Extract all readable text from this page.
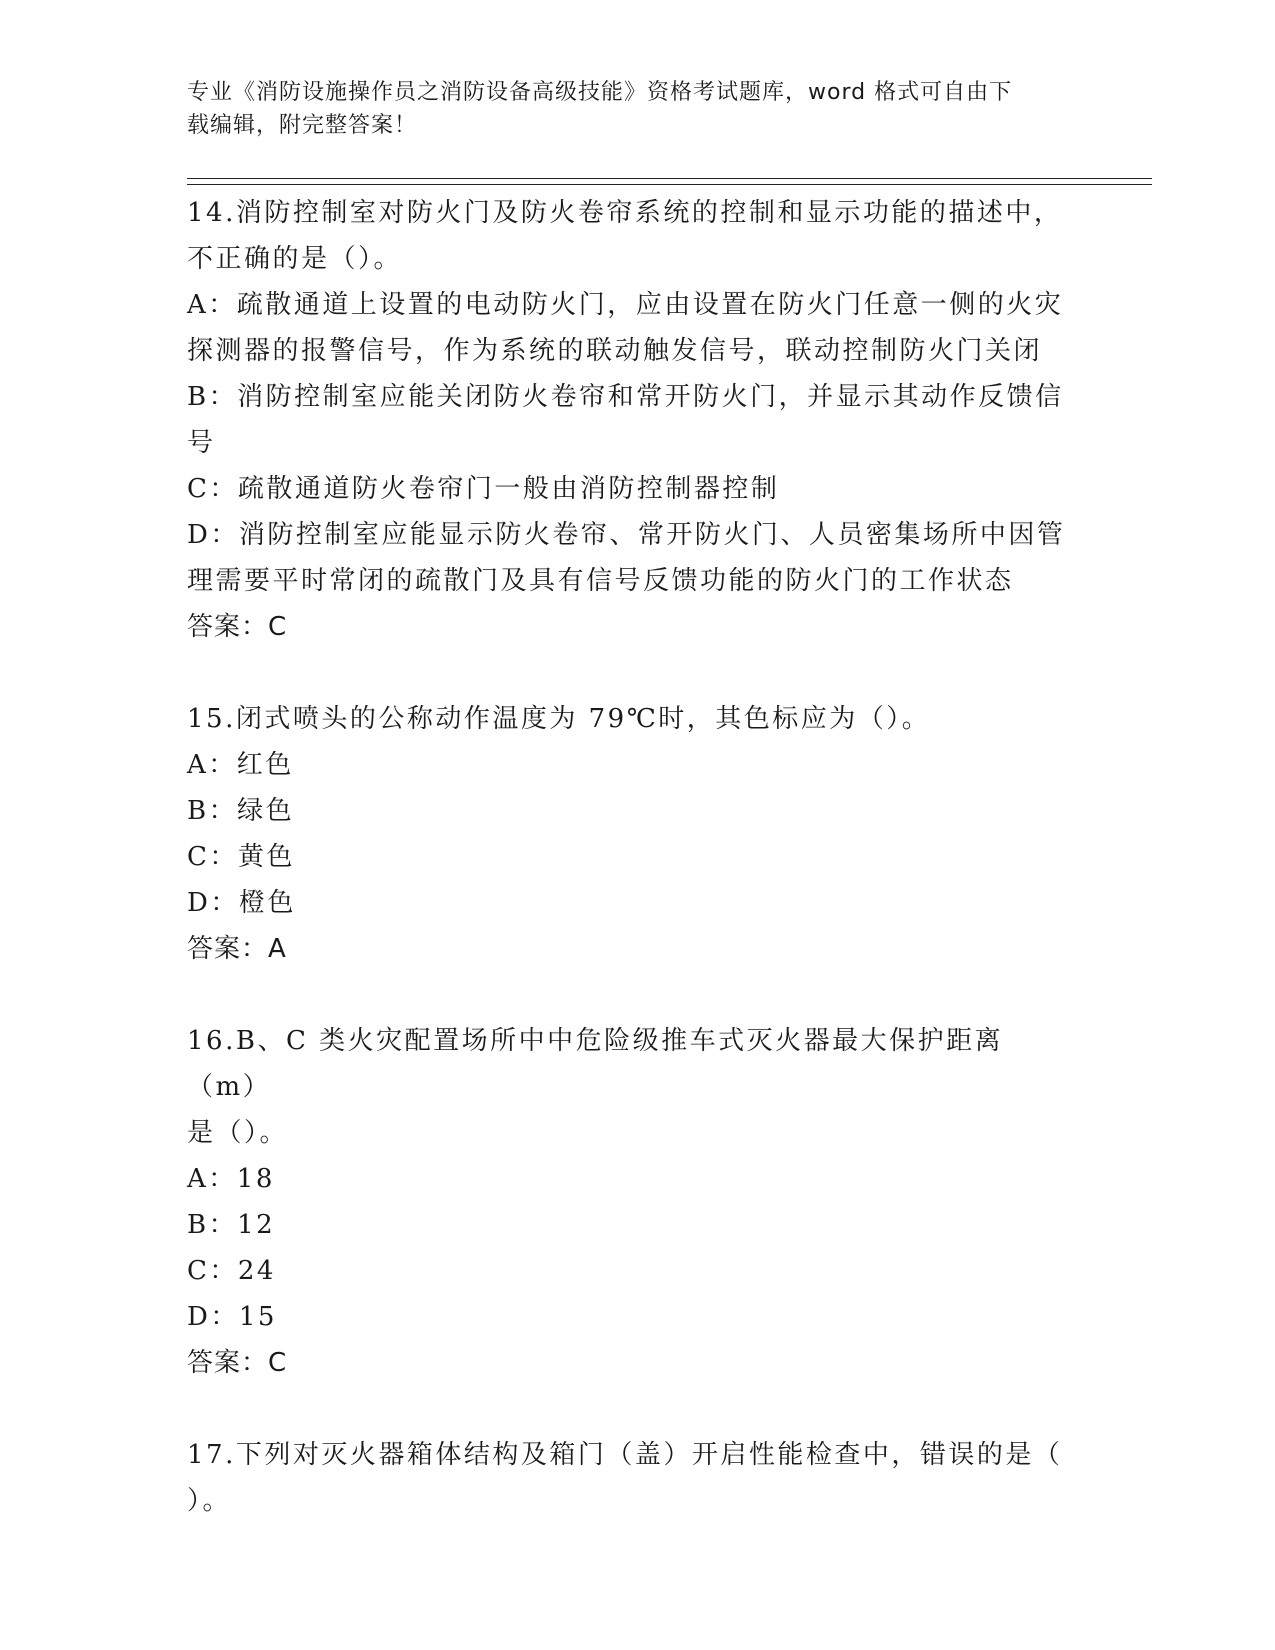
专业《消防设施操作员之消防设备高级技能》资格考试题库，word 格式可自由下
载编辑，附完整答案！
14.消防控制室对防火门及防火卷帘系统的控制和显示功能的描述中，
不正确的是（）。
A：疏散通道上设置的电动防火门，应由设置在防火门任意一侧的火灾
探测器的报警信号，作为系统的联动触发信号，联动控制防火门关闭
B：消防控制室应能关闭防火卷帘和常开防火门，并显示其动作反馈信
号
C：疏散通道防火卷帘门一般由消防控制器控制
D：消防控制室应能显示防火卷帘、常开防火门、人员密集场所中因管
理需要平时常闭的疏散门及具有信号反馈功能的防火门的工作状态
答案：C
15.闭式喷头的公称动作温度为 79℃时，其色标应为（）。
A：红色
B：绿色
C：黄色
D：橙色
答案：A
16.B、C 类火灾配置场所中中危险级推车式灭火器最大保护距离（m）
是（）。
A：18
B：12
C：24
D：15
答案：C
17.下列对灭火器箱体结构及箱门（盖）开启性能检查中，错误的是（
）。
